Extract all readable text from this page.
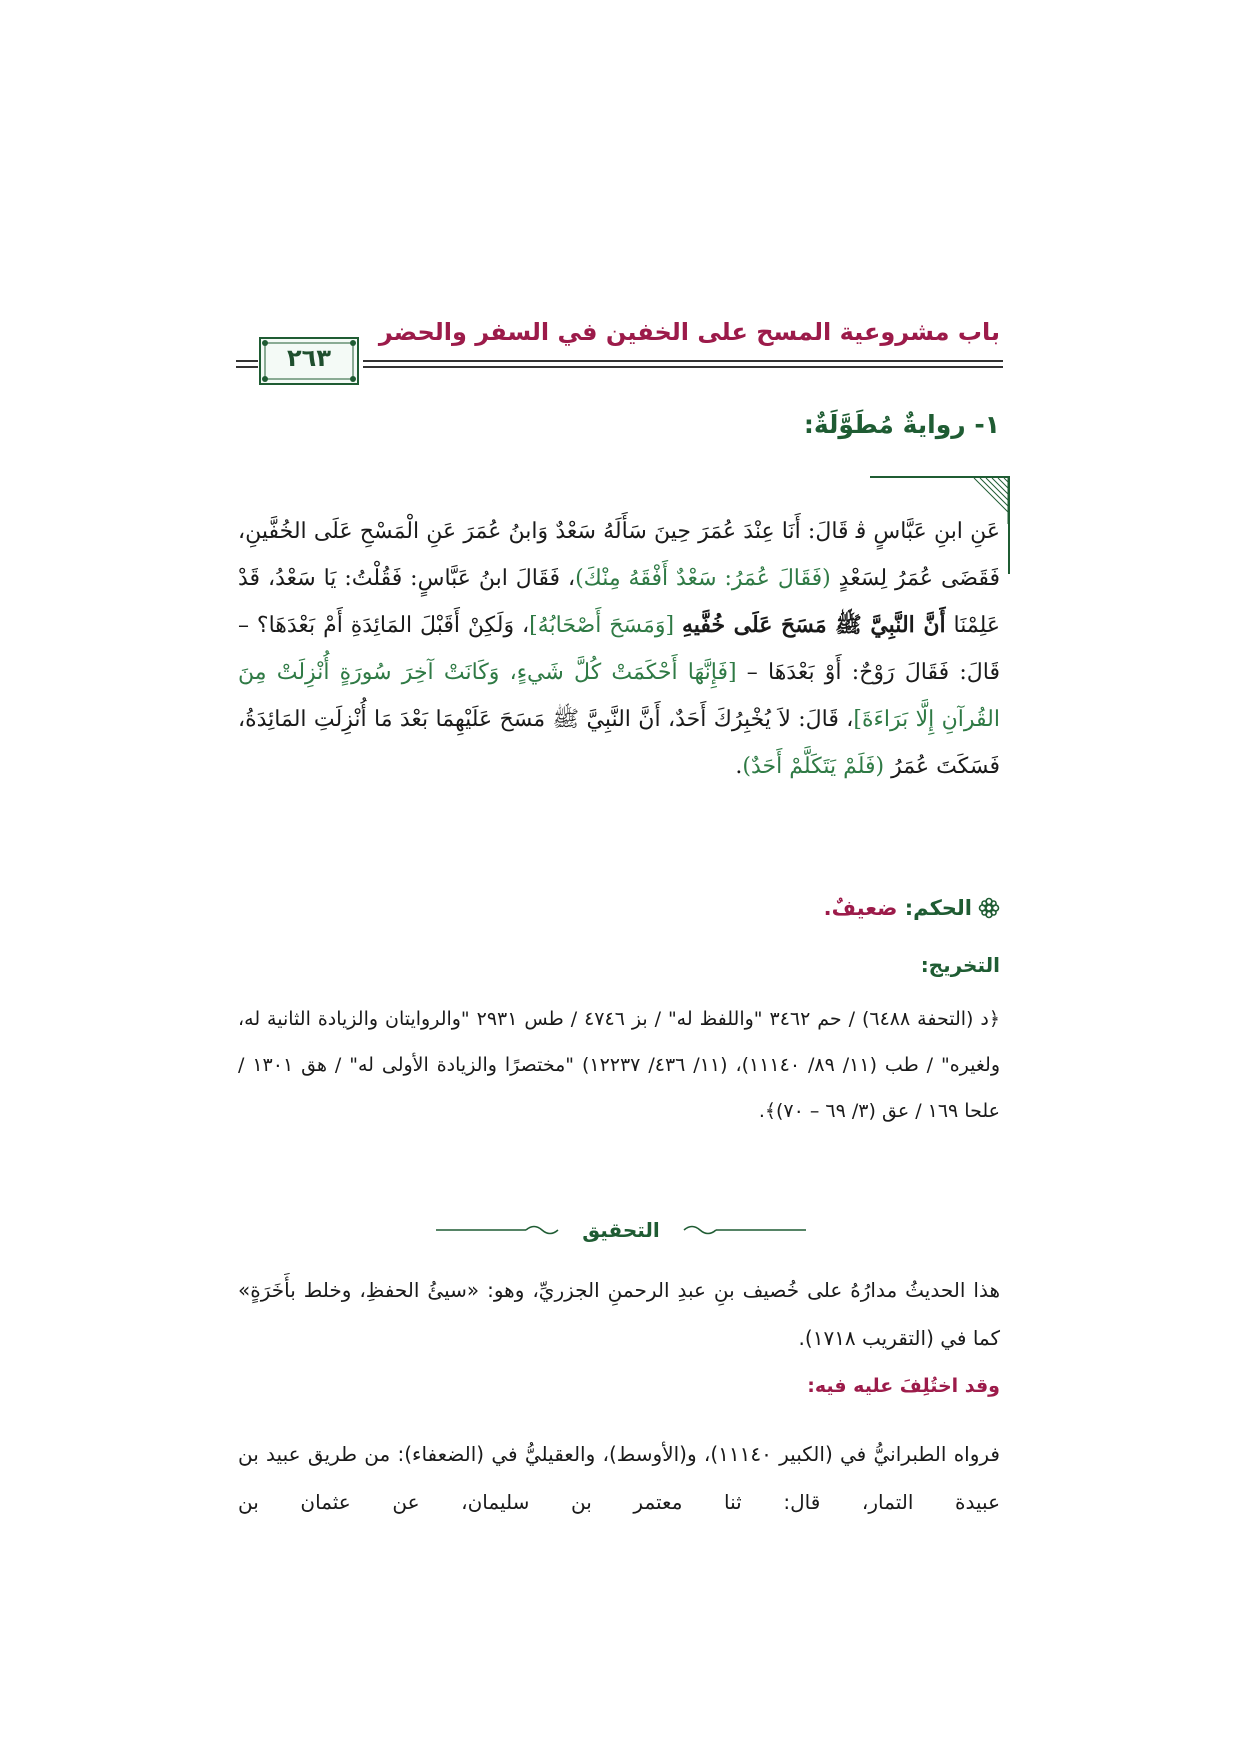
باب مشروعية المسح على الخفين في السفر والحضر
٢٦٣
١- روايةٌ مُطَوَّلَةٌ:
عَنِ ابنِ عَبَّاسٍ ﭬ قَالَ: أَنَا عِنْدَ عُمَرَ حِينَ سَأَلَهُ سَعْدٌ وَابنُ عُمَرَ عَنِ الْمَسْحِ عَلَى الخُفَّينِ، فَقَضَى عُمَرُ لِسَعْدٍ (فَقَالَ عُمَرُ: سَعْدٌ أَفْقَهُ مِنْكَ)، فَقَالَ ابنُ عَبَّاسٍ: فَقُلْتُ: يَا سَعْدُ، قَدْ عَلِمْنَا أَنَّ النَّبِيَّ ﷺ مَسَحَ عَلَى خُفَّيهِ [وَمَسَحَ أَصْحَابُهُ]، وَلَكِنْ أَقَبْلَ المَائِدَةِ أَمْ بَعْدَهَا؟ – قَالَ: فَقَالَ رَوْحٌ: أَوْ بَعْدَهَا – [فَإِنَّهَا أَحْكَمَتْ كُلَّ شَيءٍ، وَكَانَتْ آخِرَ سُورَةٍ أُنْزِلَتْ مِنَ القُرآنِ إِلَّا بَرَاءَةَ]، قَالَ: لاَ يُخْبِرُكَ أَحَدٌ، أَنَّ النَّبِيَّ ﷺ مَسَحَ عَلَيْهِمَا بَعْدَ مَا أُنْزِلَتِ المَائِدَةُ، فَسَكَتَ عُمَرُ (فَلَمْ يَتَكَلَّمْ أَحَدٌ).
الحكم: ضعيفٌ.
التخريج:
﴿د (التحفة ٦٤٨٨) / حم ٣٤٦٢ "واللفظ له" / بز ٤٧٤٦ / طس ٢٩٣١ "والروايتان والزيادة الثانية له، ولغيره" / طب (١١/ ٨٩/ ١١١٤٠)، (١١/ ٤٣٦/ ١٢٢٣٧) "مختصرًا والزيادة الأولى له" / هق ١٣٠١ / علحا ١٦٩ / عق (٣/ ٦٩ – ٧٠)﴾.
التحقيق
هذا الحديثُ مدارُهُ على خُصيف بنِ عبدِ الرحمنِ الجزريِّ، وهو: «سيئُ الحفظِ، وخلط بأَخَرَةٍ» كما في (التقريب ١٧١٨).
وقد اختُلِفَ عليه فيه:
فرواه الطبرانيُّ في (الكبير ١١١٤٠)، و(الأوسط)، والعقيليُّ في (الضعفاء): من طريق عبيد بن عبيدة التمار، قال: ثنا معتمر بن سليمان، عن عثمان بن
